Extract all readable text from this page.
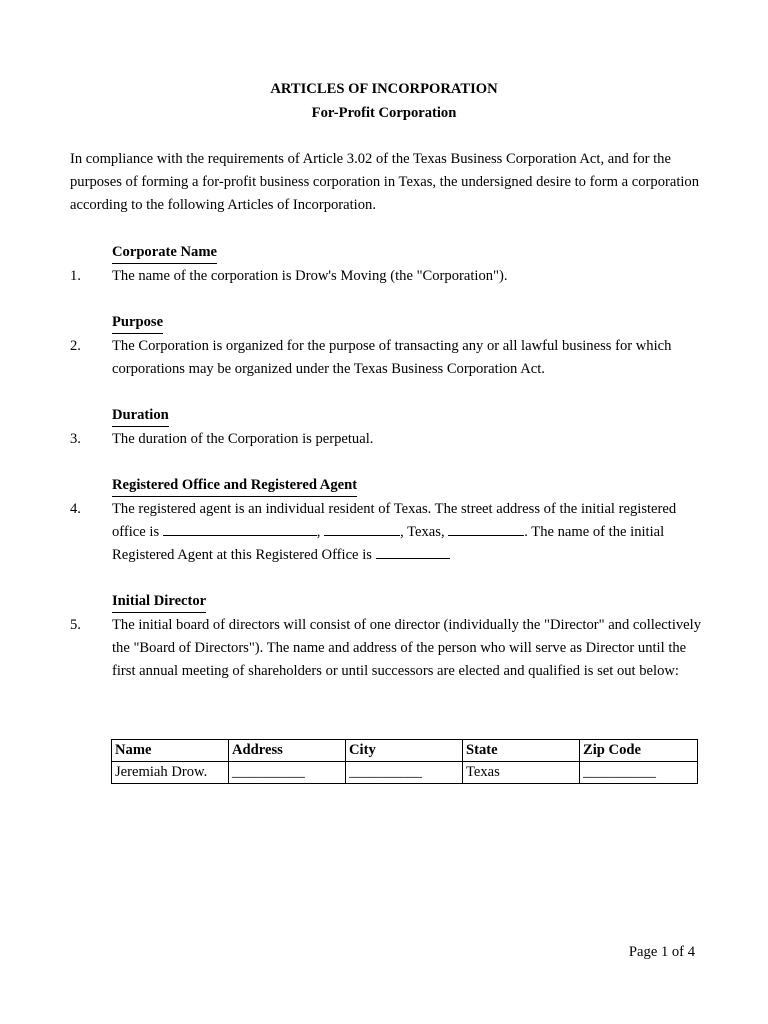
ARTICLES OF INCORPORATION
For-Profit Corporation

In compliance with the requirements of Article 3.02 of the Texas Business Corporation Act, and for the purposes of forming a for-profit business corporation in Texas, the undersigned desire to form a corporation according to the following Articles of Incorporation.

Corporate Name
1. The name of the corporation is Drow's Moving (the "Corporation").

Purpose
2. The Corporation is organized for the purpose of transacting any or all lawful business for which corporations may be organized under the Texas Business Corporation Act.

Duration
3. The duration of the Corporation is perpetual.

Registered Office and Registered Agent
4. The registered agent is an individual resident of Texas. The street address of the initial registered office is	,	, Texas,	. The name of the initial Registered Agent at this Registered Office is

Initial Director
5. The initial board of directors will consist of one director (individually the "Director" and collectively the "Board of Directors"). The name and address of the person who will serve as Director until the first annual meeting of shareholders or until successors are elected and qualified is set out below:

Name	Address	City	State	Zip Code
Jeremiah Drow.	__________	__________	Texas	__________
Page 1 of 4
